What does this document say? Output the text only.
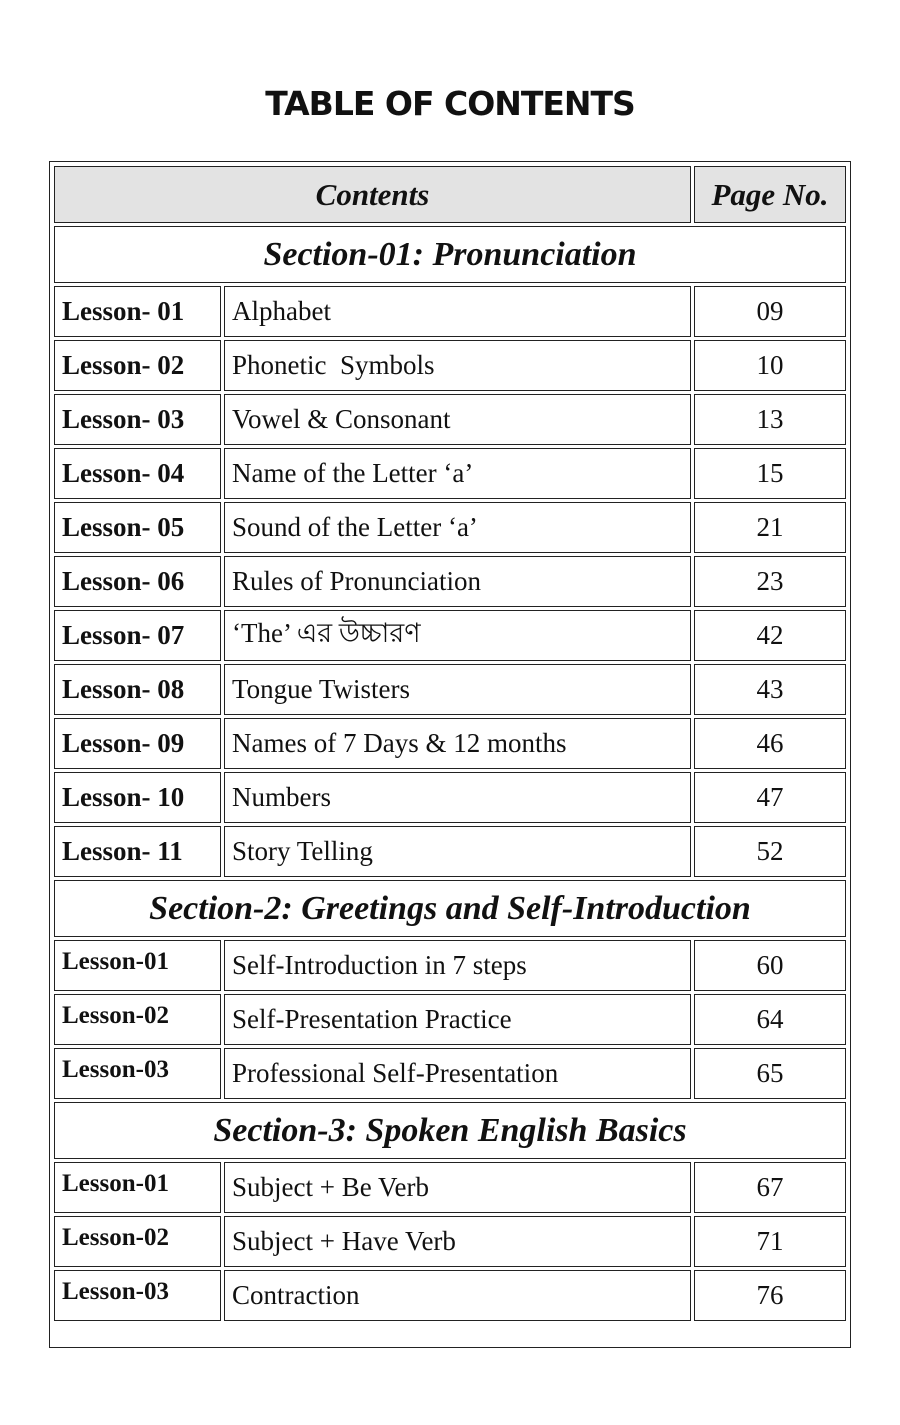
TABLE OF CONTENTS
Contents		Page No.
Section-01: Pronunciation		
Lesson- 01	Alphabet	09
Lesson- 02	Phonetic  Symbols	10
Lesson- 03	Vowel & Consonant	13
Lesson- 04	Name of the Letter ‘a’	15
Lesson- 05	Sound of the Letter ‘a’	21
Lesson- 06	Rules of Pronunciation	23
Lesson- 07	‘The’ এর উচ্চারণ	42
Lesson- 08	Tongue Twisters	43
Lesson- 09	Names of 7 Days & 12 months	46
Lesson- 10	Numbers	47
Lesson- 11	Story Telling	52
Section-2: Greetings and Self-Introduction		
Lesson-01	Self-Introduction in 7 steps	60
Lesson-02	Self-Presentation Practice	64
Lesson-03	Professional Self-Presentation	65
Section-3: Spoken English Basics		
Lesson-01	Subject + Be Verb	67
Lesson-02	Subject + Have Verb	71
Lesson-03	Contraction	76
